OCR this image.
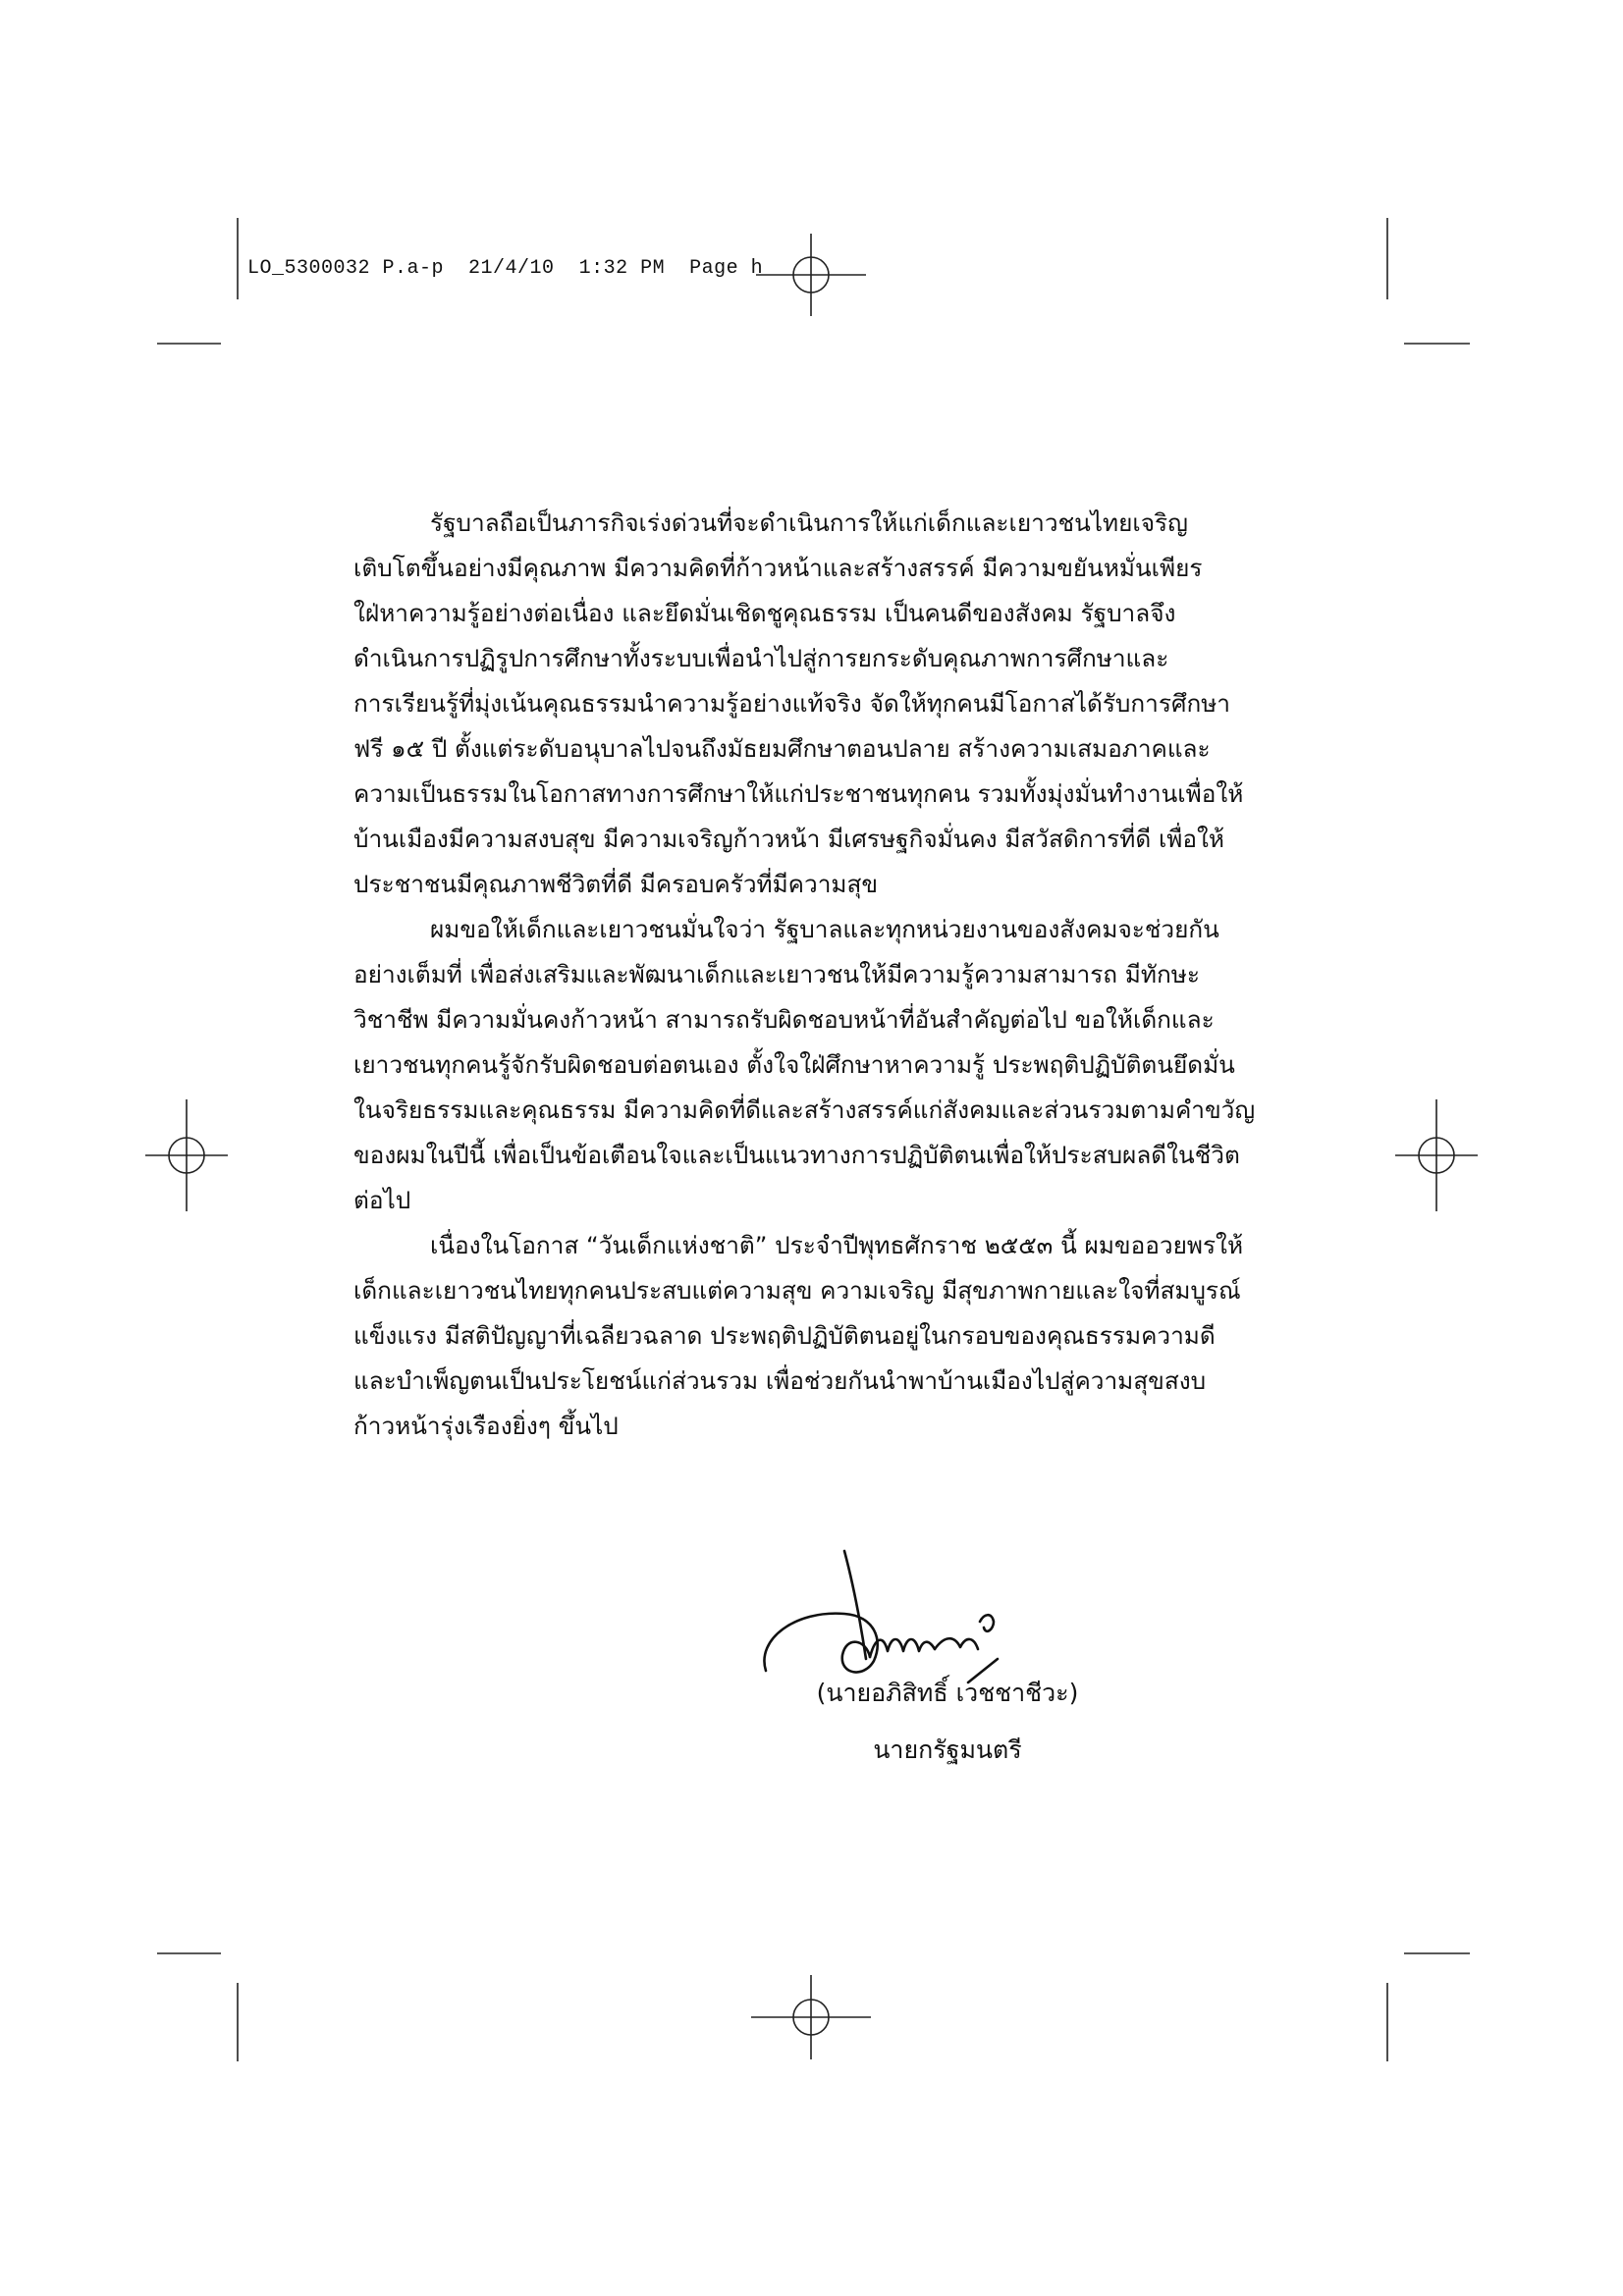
LO_5300032 P.a-p 21/4/10 1:32 PM Page h
รัฐบาลถือเป็นภารกิจเร่งด่วนที่จะดำเนินการให้แก่เด็กและเยาวชนไทยเจริญ
เติบโตขึ้นอย่างมีคุณภาพ มีความคิดที่ก้าวหน้าและสร้างสรรค์ มีความขยันหมั่นเพียร
ใฝ่หาความรู้อย่างต่อเนื่อง และยึดมั่นเชิดชูคุณธรรม เป็นคนดีของสังคม รัฐบาลจึง
ดำเนินการปฏิรูปการศึกษาทั้งระบบเพื่อนำไปสู่การยกระดับคุณภาพการศึกษาและ
การเรียนรู้ที่มุ่งเน้นคุณธรรมนำความรู้อย่างแท้จริง จัดให้ทุกคนมีโอกาสได้รับการศึกษา
ฟรี ๑๕ ปี ตั้งแต่ระดับอนุบาลไปจนถึงมัธยมศึกษาตอนปลาย สร้างความเสมอภาคและ
ความเป็นธรรมในโอกาสทางการศึกษาให้แก่ประชาชนทุกคน รวมทั้งมุ่งมั่นทำงานเพื่อให้
บ้านเมืองมีความสงบสุข มีความเจริญก้าวหน้า มีเศรษฐกิจมั่นคง มีสวัสดิการที่ดี เพื่อให้
ประชาชนมีคุณภาพชีวิตที่ดี มีครอบครัวที่มีความสุข
ผมขอให้เด็กและเยาวชนมั่นใจว่า รัฐบาลและทุกหน่วยงานของสังคมจะช่วยกัน
อย่างเต็มที่ เพื่อส่งเสริมและพัฒนาเด็กและเยาวชนให้มีความรู้ความสามารถ มีทักษะ
วิชาชีพ มีความมั่นคงก้าวหน้า สามารถรับผิดชอบหน้าที่อันสำคัญต่อไป ขอให้เด็กและ
เยาวชนทุกคนรู้จักรับผิดชอบต่อตนเอง ตั้งใจใฝ่ศึกษาหาความรู้ ประพฤติปฏิบัติตนยึดมั่น
ในจริยธรรมและคุณธรรม มีความคิดที่ดีและสร้างสรรค์แก่สังคมและส่วนรวมตามคำขวัญ
ของผมในปีนี้ เพื่อเป็นข้อเตือนใจและเป็นแนวทางการปฏิบัติตนเพื่อให้ประสบผลดีในชีวิต
ต่อไป
เนื่องในโอกาส “วันเด็กแห่งชาติ” ประจำปีพุทธศักราช ๒๕๕๓ นี้ ผมขออวยพรให้
เด็กและเยาวชนไทยทุกคนประสบแต่ความสุข ความเจริญ มีสุขภาพกายและใจที่สมบูรณ์
แข็งแรง มีสติปัญญาที่เฉลียวฉลาด ประพฤติปฏิบัติตนอยู่ในกรอบของคุณธรรมความดี
และบำเพ็ญตนเป็นประโยชน์แก่ส่วนรวม เพื่อช่วยกันนำพาบ้านเมืองไปสู่ความสุขสงบ
ก้าวหน้ารุ่งเรืองยิ่งๆ ขึ้นไป
(นายอภิสิทธิ์ เวชชาชีวะ)
นายกรัฐมนตรี
